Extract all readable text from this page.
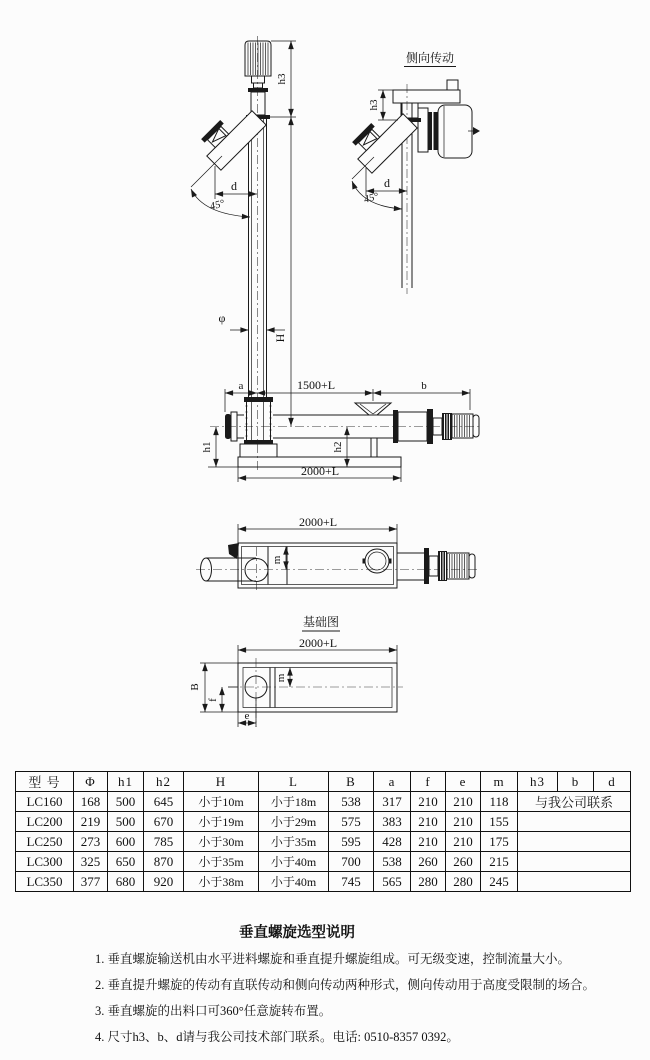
h3
H
d
45°
φ
a	1500+L	b
h1	h2
2000+L
侧向传动
h3
d
45°
2000+L
m
基础图
2000+L
B
f
e
m
型 号	Φ	h1	h2	H	L	B	a	f	e	m	h3	b	d
LC160	168	500	645	小于10m	小于18m	538	317	210	210	118	与我公司联系		
LC200	219	500	670	小于19m	小于29m	575	383	210	210	155			
LC250	273	600	785	小于30m	小于35m	595	428	210	210	175			
LC300	325	650	870	小于35m	小于40m	700	538	260	260	215			
LC350	377	680	920	小于38m	小于40m	745	565	280	280	245			
垂直螺旋选型说明
1. 垂直螺旋输送机由水平进料螺旋和垂直提升螺旋组成。可无级变速，控制流量大小。
2. 垂直提升螺旋的传动有直联传动和侧向传动两种形式，侧向传动用于高度受限制的场合。
3. 垂直螺旋的出料口可360°任意旋转布置。
4. 尺寸h3、b、d请与我公司技术部门联系。电话: 0510-8357 0392。
